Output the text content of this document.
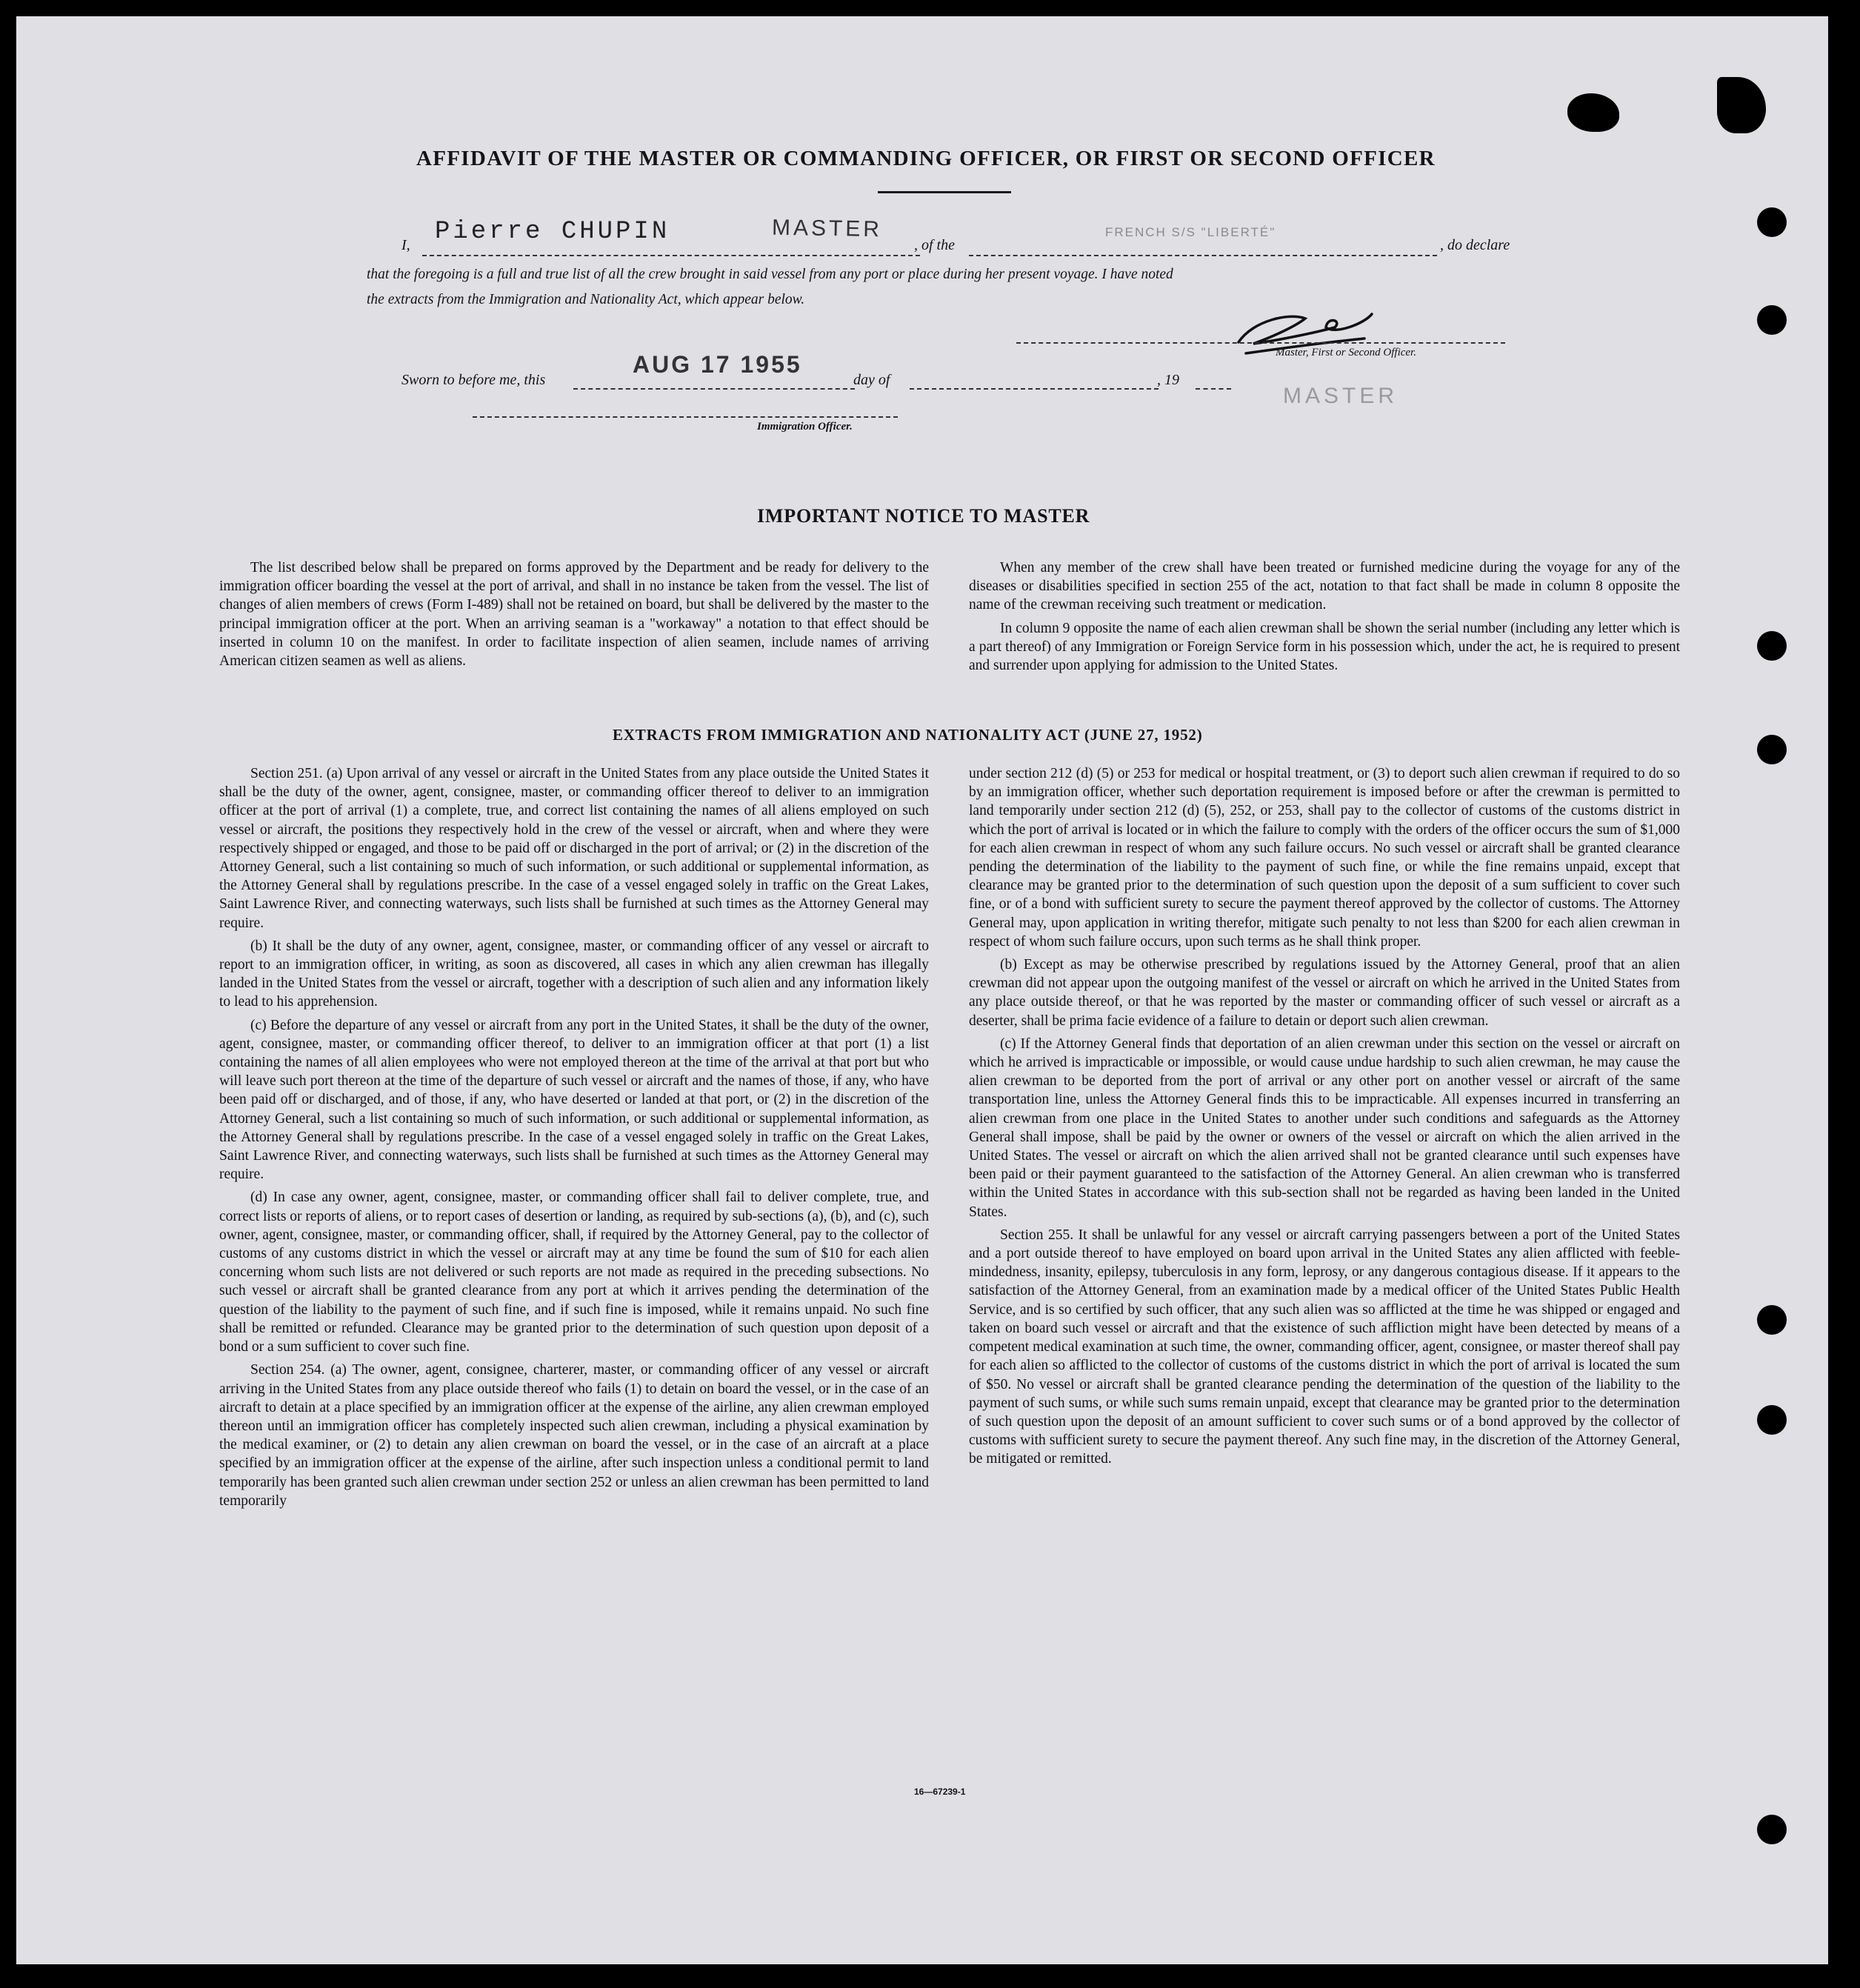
AFFIDAVIT OF THE MASTER OR COMMANDING OFFICER, OR FIRST OR SECOND OFFICER
I, Pierre CHUPIN	MASTER
, of the
FRENCH S/S "LIBERTÉ"
, do declare
that the foregoing is a full and true list of all the crew brought in said vessel from any port or place during her present voyage. I have noted
the extracts from the Immigration and Nationality Act, which appear below.
Master, First or Second Officer.
Sworn to before me, this
AUG 17 1955
day of	, 19
MASTER
Immigration Officer.
IMPORTANT NOTICE TO MASTER

The list described below shall be prepared on forms approved by the Department and be ready for delivery to the immigration officer boarding the vessel at the port of arrival, and shall in no instance be taken from the vessel. The list of changes of alien members of crews (Form I-489) shall not be retained on board, but shall be delivered by the master to the principal immigration officer at the port. When an arriving seaman is a "workaway" a notation to that effect should be inserted in column 10 on the manifest. In order to facilitate inspection of alien seamen, include names of arriving American citizen seamen as well as aliens.

When any member of the crew shall have been treated or furnished medicine during the voyage for any of the diseases or disabilities specified in section 255 of the act, notation to that fact shall be made in column 8 opposite the name of the crewman receiving such treatment or medication.

In column 9 opposite the name of each alien crewman shall be shown the serial number (including any letter which is a part thereof) of any Immigration or Foreign Service form in his possession which, under the act, he is required to present and surrender upon applying for admission to the United States.

EXTRACTS FROM IMMIGRATION AND NATIONALITY ACT (JUNE 27, 1952)

Section 251. (a) Upon arrival of any vessel or aircraft in the United States from any place outside the United States it shall be the duty of the owner, agent, consignee, master, or commanding officer thereof to deliver to an immigration officer at the port of arrival (1) a complete, true, and correct list containing the names of all aliens employed on such vessel or aircraft, the positions they respectively hold in the crew of the vessel or aircraft, when and where they were respectively shipped or engaged, and those to be paid off or discharged in the port of arrival; or (2) in the discretion of the Attorney General, such a list containing so much of such information, or such additional or supplemental information, as the Attorney General shall by regulations prescribe. In the case of a vessel engaged solely in traffic on the Great Lakes, Saint Lawrence River, and connecting waterways, such lists shall be furnished at such times as the Attorney General may require.

(b) It shall be the duty of any owner, agent, consignee, master, or commanding officer of any vessel or aircraft to report to an immigration officer, in writing, as soon as discovered, all cases in which any alien crewman has illegally landed in the United States from the vessel or aircraft, together with a description of such alien and any information likely to lead to his apprehension.

(c) Before the departure of any vessel or aircraft from any port in the United States, it shall be the duty of the owner, agent, consignee, master, or commanding officer thereof, to deliver to an immigration officer at that port (1) a list containing the names of all alien employees who were not employed thereon at the time of the arrival at that port but who will leave such port thereon at the time of the departure of such vessel or aircraft and the names of those, if any, who have been paid off or discharged, and of those, if any, who have deserted or landed at that port, or (2) in the discretion of the Attorney General, such a list containing so much of such information, or such additional or supplemental information, as the Attorney General shall by regulations prescribe. In the case of a vessel engaged solely in traffic on the Great Lakes, Saint Lawrence River, and connecting waterways, such lists shall be furnished at such times as the Attorney General may require.

(d) In case any owner, agent, consignee, master, or commanding officer shall fail to deliver complete, true, and correct lists or reports of aliens, or to report cases of desertion or landing, as required by sub-sections (a), (b), and (c), such owner, agent, consignee, master, or commanding officer, shall, if required by the Attorney General, pay to the collector of customs of any customs district in which the vessel or aircraft may at any time be found the sum of $10 for each alien concerning whom such lists are not delivered or such reports are not made as required in the preceding subsections. No such vessel or aircraft shall be granted clearance from any port at which it arrives pending the determination of the question of the liability to the payment of such fine, and if such fine is imposed, while it remains unpaid. No such fine shall be remitted or refunded. Clearance may be granted prior to the determination of such question upon deposit of a bond or a sum sufficient to cover such fine.

Section 254. (a) The owner, agent, consignee, charterer, master, or commanding officer of any vessel or aircraft arriving in the United States from any place outside thereof who fails (1) to detain on board the vessel, or in the case of an aircraft to detain at a place specified by an immigration officer at the expense of the airline, any alien crewman employed thereon until an immigration officer has completely inspected such alien crewman, including a physical examination by the medical examiner, or (2) to detain any alien crewman on board the vessel, or in the case of an aircraft at a place specified by an immigration officer at the expense of the airline, after such inspection unless a conditional permit to land temporarily has been granted such alien crewman under section 252 or unless an alien crewman has been permitted to land temporarily

under section 212 (d) (5) or 253 for medical or hospital treatment, or (3) to deport such alien crewman if required to do so by an immigration officer, whether such deportation requirement is imposed before or after the crewman is permitted to land temporarily under section 212 (d) (5), 252, or 253, shall pay to the collector of customs of the customs district in which the port of arrival is located or in which the failure to comply with the orders of the officer occurs the sum of $1,000 for each alien crewman in respect of whom any such failure occurs. No such vessel or aircraft shall be granted clearance pending the determination of the liability to the payment of such fine, or while the fine remains unpaid, except that clearance may be granted prior to the determination of such question upon the deposit of a sum sufficient to cover such fine, or of a bond with sufficient surety to secure the payment thereof approved by the collector of customs. The Attorney General may, upon application in writing therefor, mitigate such penalty to not less than $200 for each alien crewman in respect of whom such failure occurs, upon such terms as he shall think proper.

(b) Except as may be otherwise prescribed by regulations issued by the Attorney General, proof that an alien crewman did not appear upon the outgoing manifest of the vessel or aircraft on which he arrived in the United States from any place outside thereof, or that he was reported by the master or commanding officer of such vessel or aircraft as a deserter, shall be prima facie evidence of a failure to detain or deport such alien crewman.

(c) If the Attorney General finds that deportation of an alien crewman under this section on the vessel or aircraft on which he arrived is impracticable or impossible, or would cause undue hardship to such alien crewman, he may cause the alien crewman to be deported from the port of arrival or any other port on another vessel or aircraft of the same transportation line, unless the Attorney General finds this to be impracticable. All expenses incurred in transferring an alien crewman from one place in the United States to another under such conditions and safeguards as the Attorney General shall impose, shall be paid by the owner or owners of the vessel or aircraft on which the alien arrived in the United States. The vessel or aircraft on which the alien arrived shall not be granted clearance until such expenses have been paid or their payment guaranteed to the satisfaction of the Attorney General. An alien crewman who is transferred within the United States in accordance with this sub-section shall not be regarded as having been landed in the United States.

Section 255. It shall be unlawful for any vessel or aircraft carrying passengers between a port of the United States and a port outside thereof to have employed on board upon arrival in the United States any alien afflicted with feeble-mindedness, insanity, epilepsy, tuberculosis in any form, leprosy, or any dangerous contagious disease. If it appears to the satisfaction of the Attorney General, from an examination made by a medical officer of the United States Public Health Service, and is so certified by such officer, that any such alien was so afflicted at the time he was shipped or engaged and taken on board such vessel or aircraft and that the existence of such affliction might have been detected by means of a competent medical examination at such time, the owner, commanding officer, agent, consignee, or master thereof shall pay for each alien so afflicted to the collector of customs of the customs district in which the port of arrival is located the sum of $50. No vessel or aircraft shall be granted clearance pending the determination of the question of the liability to the payment of such sums, or while such sums remain unpaid, except that clearance may be granted prior to the determination of such question upon the deposit of an amount sufficient to cover such sums or of a bond approved by the collector of customs with sufficient surety to secure the payment thereof. Any such fine may, in the discretion of the Attorney General, be mitigated or remitted.

16—67239-1
